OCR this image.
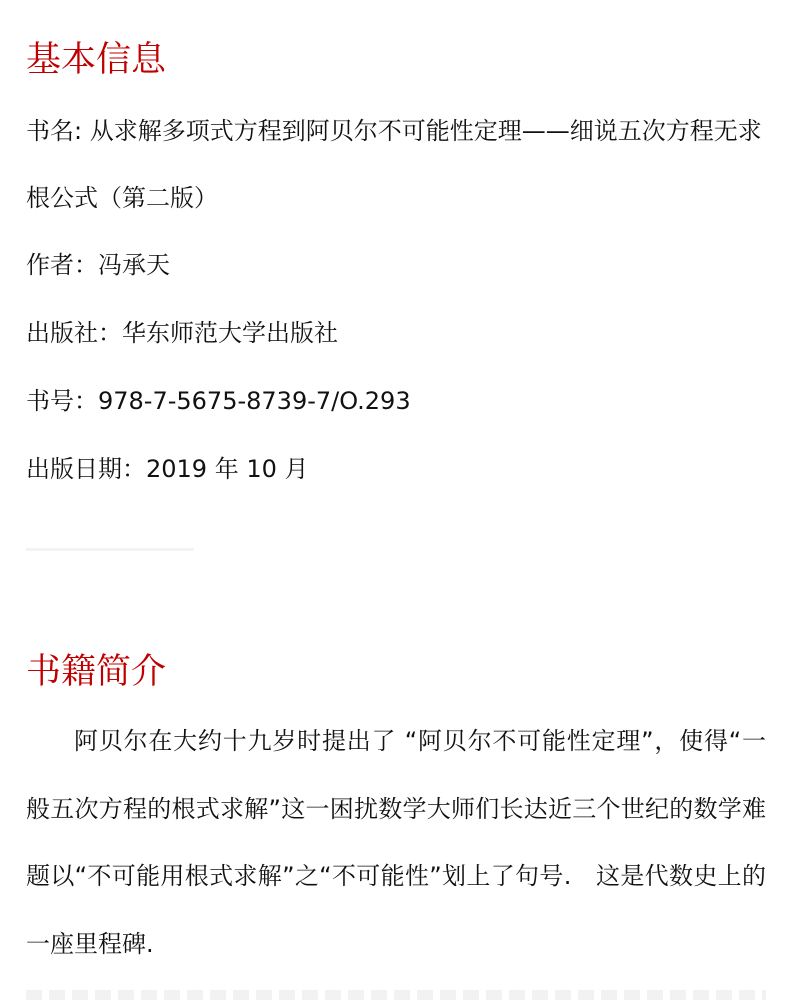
基本信息

书名: 从求解多项式方程到阿贝尔不可能性定理——细说五次方程无求

根公式（第二版）

作者：冯承天

出版社：华东师范大学出版社

书号：978-7-5675-8739-7/O.293

出版日期：2019 年 10 月

书籍简介

阿贝尔在大约十九岁时提出了 “阿贝尔不可能性定理”，使得“一般五次方程的根式求解”这一困扰数学大师们长达近三个世纪的数学难题以“不可能用根式求解”之“不可能性”划上了句号.　这是代数史上的一座里程碑.
